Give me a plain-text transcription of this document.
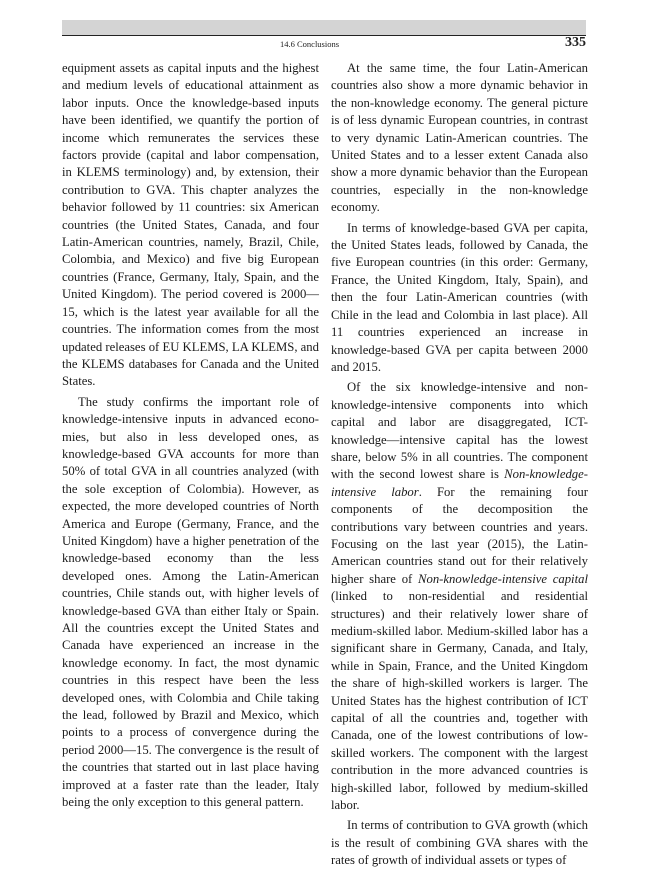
14.6 Conclusions	335

equipment assets as capital inputs and the highest and medium levels of educational attainment as labor inputs. Once the knowledge-based inputs have been identified, we quantify the portion of income which remunerates the services these factors provide (capital and labor compensation, in KLEMS terminology) and, by extension, their contribution to GVA. This chapter analyzes the behavior followed by 11 countries: six American countries (the United States, Canada, and four Latin-American countries, namely, Brazil, Chile, Colombia, and Mexico) and five big European countries (France, Germany, Italy, Spain, and the United Kingdom). The period covered is 2000—15, which is the latest year available for all the countries. The information comes from the most updated releases of EU KLEMS, LA KLEMS, and the KLEMS databases for Canada and the United States.

The study confirms the important role of knowledge-intensive inputs in advanced economies, but also in less developed ones, as knowledge-based GVA accounts for more than 50% of total GVA in all countries analyzed (with the sole exception of Colombia). However, as expected, the more developed countries of North America and Europe (Germany, France, and the United Kingdom) have a higher penetration of the knowledge-based economy than the less developed ones. Among the Latin-American countries, Chile stands out, with higher levels of knowledge-based GVA than either Italy or Spain. All the countries except the United States and Canada have experienced an increase in the knowledge economy. In fact, the most dynamic countries in this respect have been the less developed ones, with Colombia and Chile taking the lead, followed by Brazil and Mexico, which points to a process of convergence during the period 2000—15. The convergence is the result of the countries that started out in last place having improved at a faster rate than the leader, Italy being the only exception to this general pattern.

At the same time, the four Latin-American countries also show a more dynamic behavior in the non-knowledge economy. The general picture is of less dynamic European countries, in contrast to very dynamic Latin-American countries. The United States and to a lesser extent Canada also show a more dynamic behavior than the European countries, especially in the non-knowledge economy.

In terms of knowledge-based GVA per capita, the United States leads, followed by Canada, the five European countries (in this order: Germany, France, the United Kingdom, Italy, Spain), and then the four Latin-American countries (with Chile in the lead and Colombia in last place). All 11 countries experienced an increase in knowledge-based GVA per capita between 2000 and 2015.

Of the six knowledge-intensive and non-knowledge-intensive components into which capital and labor are disaggregated, ICT-knowledge—intensive capital has the lowest share, below 5% in all countries. The component with the second lowest share is Non-knowledge-intensive labor. For the remaining four components of the decomposition the contributions vary between countries and years. Focusing on the last year (2015), the Latin-American countries stand out for their relatively higher share of Non-knowledge-intensive capital (linked to non-residential and residential structures) and their relatively lower share of medium-skilled labor. Medium-skilled labor has a significant share in Germany, Canada, and Italy, while in Spain, France, and the United Kingdom the share of high-skilled workers is larger. The United States has the highest contribution of ICT capital of all the countries and, together with Canada, one of the lowest contributions of low-skilled workers. The component with the largest contribution in the more advanced countries is high-skilled labor, followed by medium-skilled labor.

In terms of contribution to GVA growth (which is the result of combining GVA shares with the rates of growth of individual assets or types of
